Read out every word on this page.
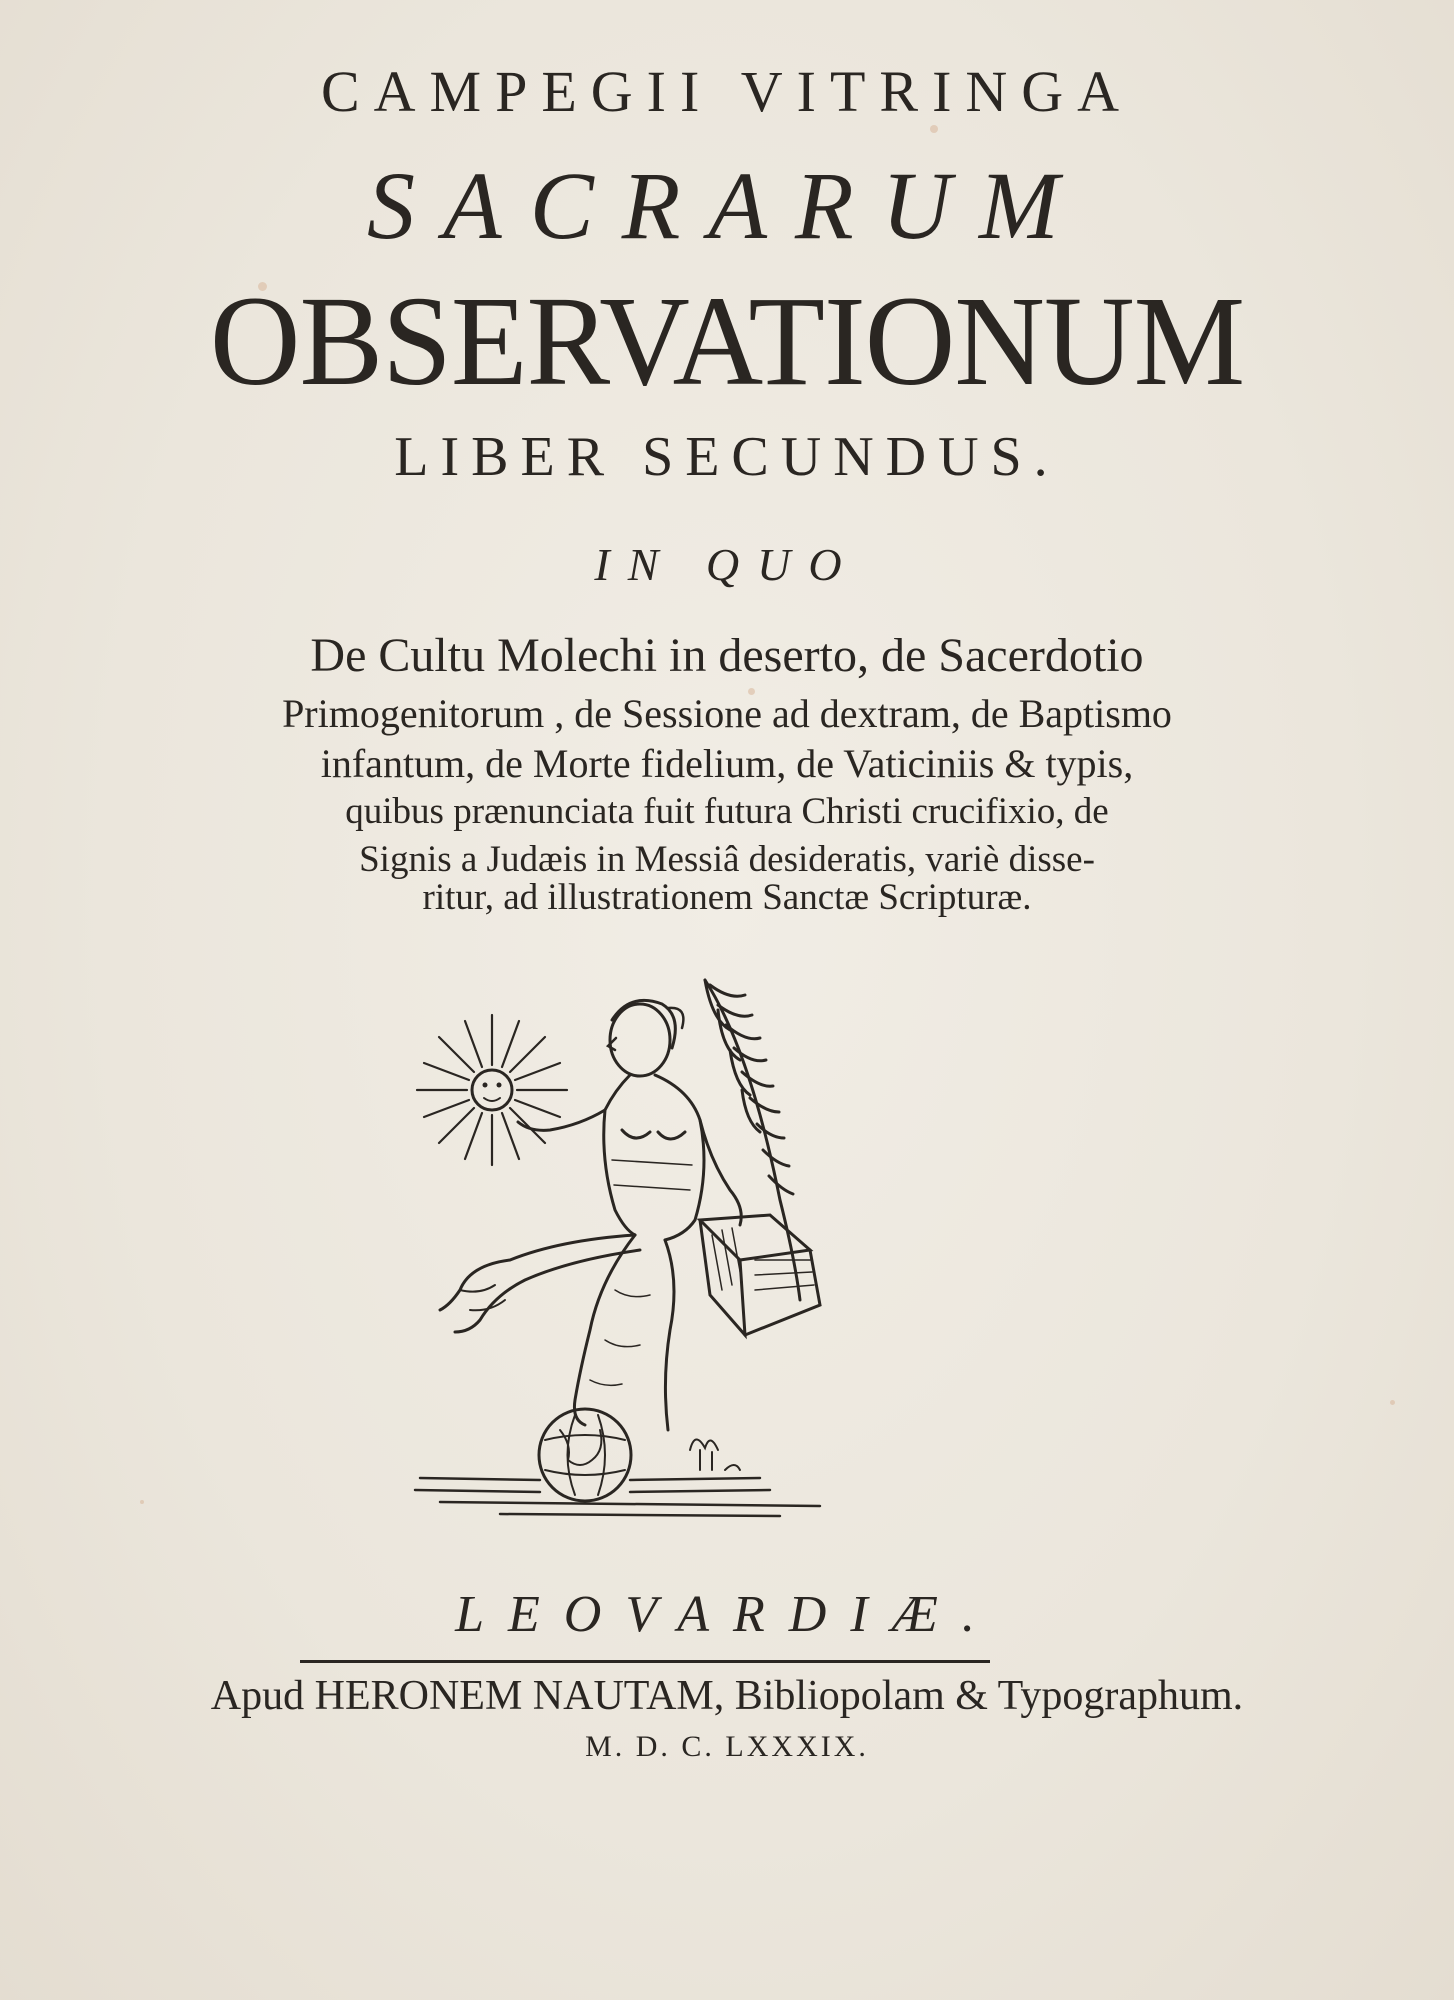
CAMPEGII VITRINGA
SACRARUM
OBSERVATIONUM
LIBER SECUNDUS.
IN QUO
De Cultu Molechi in deserto, de Sacerdotio
Primogenitorum , de Sessione ad dextram, de Baptismo
infantum, de Morte fidelium, de Vaticiniis & typis,
quibus prænunciata fuit futura Christi crucifixio, de
Signis a Judæis in Messiâ desideratis, variè disse-
ritur, ad illustrationem Sanctæ Scripturæ.
LEOVARDIÆ.
Apud HERONEM NAUTAM, Bibliopolam & Typographum.
M. D. C. LXXXIX.
